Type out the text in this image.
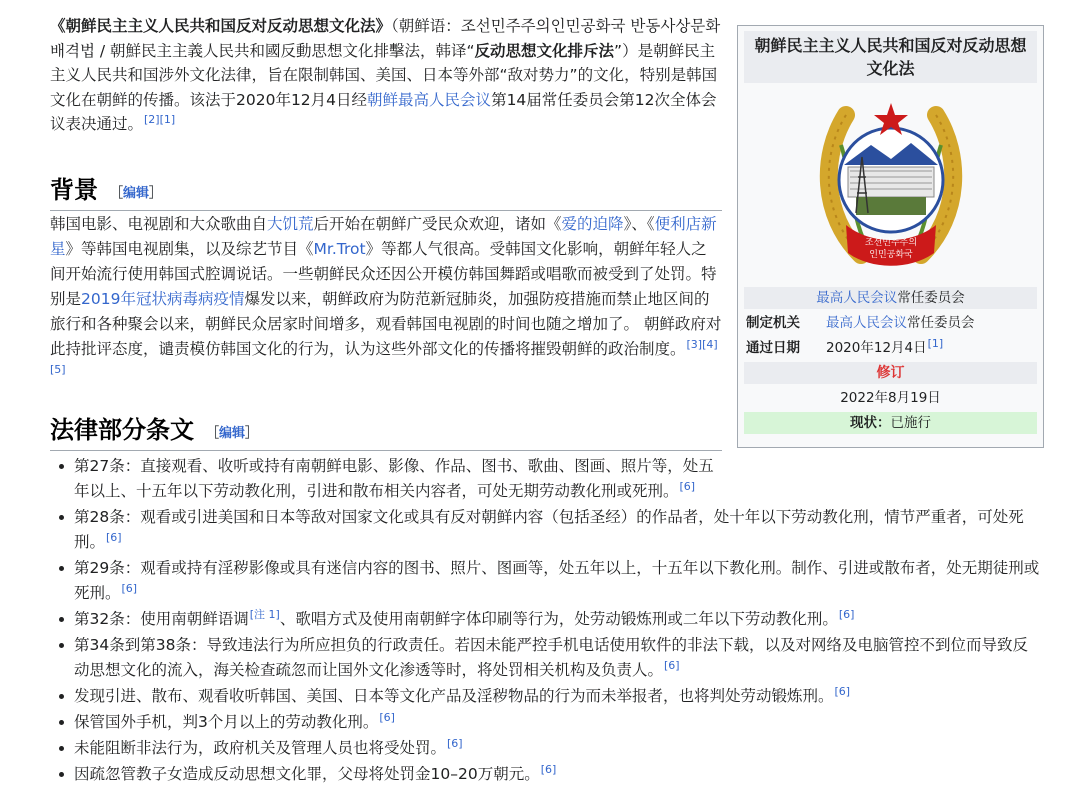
《朝鲜民主主义人民共和国反对反动思想文化法》（朝鲜语：조선민주주의인민공화국 반동사상문화배격법 / 朝鮮民主主義人民共和國反動思想文化排擊法，韩译“反动思想文化排斥法”）是朝鲜民主主义人民共和国涉外文化法律，旨在限制韩国、美国、日本等外部“敌对势力”的文化，特别是韩国文化在朝鲜的传播。该法于2020年12月4日经朝鲜最高人民会议第14届常任委员会第12次全体会议表决通过。[2][1]

背景 ［编辑］

韩国电影、电视剧和大众歌曲自大饥荒后开始在朝鲜广受民众欢迎，诸如《爱的迫降》、《便利店新星》等韩国电视剧集，以及综艺节目《Mr.Trot》等都人气很高。受韩国文化影响，朝鲜年轻人之间开始流行使用韩国式腔调说话。一些朝鲜民众还因公开模仿韩国舞蹈或唱歌而被受到了处罚。特别是2019年冠状病毒病疫情爆发以来，朝鲜政府为防范新冠肺炎，加强防疫措施而禁止地区间的旅行和各种聚会以来，朝鲜民众居家时间增多，观看韩国电视剧的时间也随之增加了。 朝鲜政府对此持批评态度，谴责模仿韩国文化的行为，认为这些外部文化的传播将摧毁朝鲜的政治制度。[3][4][5]

法律部分条文 ［编辑］
第27条：直接观看、收听或持有南朝鲜电影、影像、作品、图书、歌曲、图画、照片等，处五年以上、十五年以下劳动教化刑，引进和散布相关内容者，可处无期劳动教化刑或死刑。[6]
第28条：观看或引进美国和日本等敌对国家文化或具有反对朝鲜内容（包括圣经）的作品者，处十年以下劳动教化刑，情节严重者，可处死刑。[6]
第29条：观看或持有淫秽影像或具有迷信内容的图书、照片、图画等，处五年以上，十五年以下教化刑。制作、引进或散布者，处无期徒刑或死刑。[6]
第32条：使用南朝鲜语调[注 1]、歌唱方式及使用南朝鲜字体印刷等行为，处劳动锻炼刑或二年以下劳动教化刑。[6]
第34条到第38条：导致违法行为所应担负的行政责任。若因未能严控手机电话使用软件的非法下载，以及对网络及电脑管控不到位而导致反动思想文化的流入，海关检查疏忽而让国外文化渗透等时，将处罚相关机构及负责人。[6]
发现引进、散布、观看收听韩国、美国、日本等文化产品及淫秽物品的行为而未举报者，也将判处劳动锻炼刑。[6]
保管国外手机，判3个月以上的劳动教化刑。[6]
未能阻断非法行为，政府机关及管理人员也将受处罚。[6]
因疏忽管教子女造成反动思想文化罪，父母将处罚金10–20万朝元。[6]
朝鲜民主主义人民共和国反对反动思想文化法
조선민주주의
인민공화국
最高人民会议常任委员会
制定机关	最高人民会议常任委员会
通过日期	2020年12月4日[1]
修订
2022年8月19日
现状：已施行
